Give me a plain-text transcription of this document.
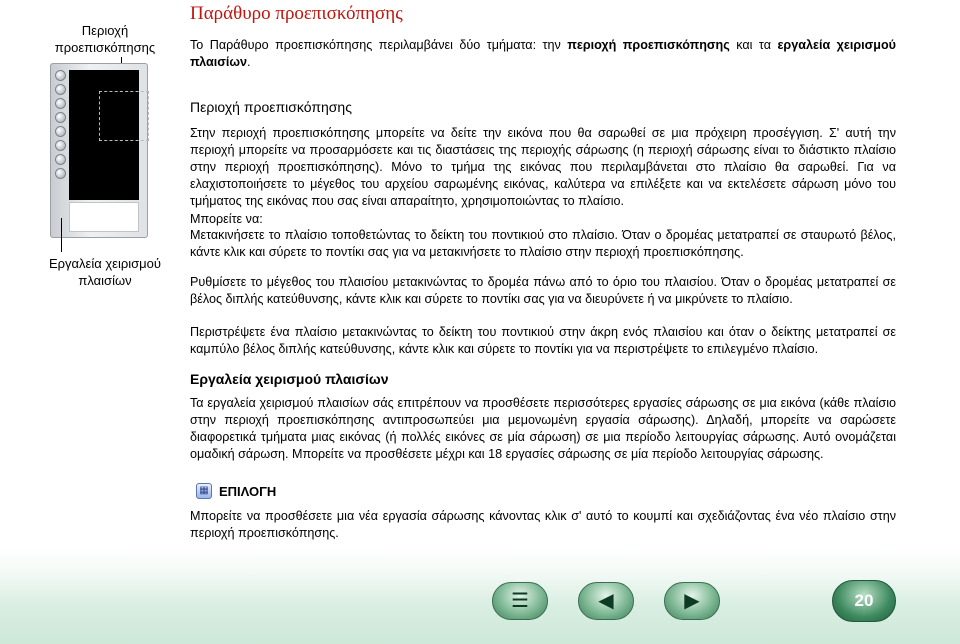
Περιοχή προεπισκόπησης
Εργαλεία χειρισμού πλαισίων
Παράθυρο προεπισκόπησης

Το Παράθυρο προεπισκόπησης περιλαμβάνει δύο τμήματα: την περιοχή προεπισκόπησης και τα εργαλεία χειρισμού πλαισίων.

Περιοχή προεπισκόπησης

Στην περιοχή προεπισκόπησης μπορείτε να δείτε την εικόνα που θα σαρωθεί σε μια πρόχειρη προσέγγιση. Σ' αυτή την περιοχή μπορείτε να προσαρμόσετε και τις διαστάσεις της περιοχής σάρωσης (η περιοχή σάρωσης είναι το διάστικτο πλαίσιο στην περιοχή προεπισκόπησης). Μόνο το τμήμα της εικόνας που περιλαμβάνεται στο πλαίσιο θα σαρωθεί. Για να ελαχιστοποιήσετε το μέγεθος του αρχείου σαρωμένης εικόνας, καλύτερα να επιλέξετε και να εκτελέσετε σάρωση μόνο του τμήματος της εικόνας που σας είναι απαραίτητο, χρησιμοποιώντας το πλαίσιο.

Μπορείτε να:

Μετακινήσετε το πλαίσιο τοποθετώντας το δείκτη του ποντικιού στο πλαίσιο. Όταν ο δρομέας μετατραπεί σε σταυρωτό βέλος, κάντε κλικ και σύρετε το ποντίκι σας για να μετακινήσετε το πλαίσιο στην περιοχή προεπισκόπησης.

Ρυθμίσετε το μέγεθος του πλαισίου μετακινώντας το δρομέα πάνω από το όριο του πλαισίου. Όταν ο δρομέας μετατραπεί σε βέλος διπλής κατεύθυνσης, κάντε κλικ και σύρετε το ποντίκι σας για να διευρύνετε ή να μικρύνετε το πλαίσιο.

Περιστρέψετε ένα πλαίσιο μετακινώντας το δείκτη του ποντικιού στην άκρη ενός πλαισίου και όταν ο δείκτης μετατραπεί σε καμπύλο βέλος διπλής κατεύθυνσης, κάντε κλικ και σύρετε το ποντίκι για να περιστρέψετε το επιλεγμένο πλαίσιο.

Εργαλεία χειρισμού πλαισίων

Τα εργαλεία χειρισμού πλαισίων σάς επιτρέπουν να προσθέσετε περισσότερες εργασίες σάρωσης σε μια εικόνα (κάθε πλαίσιο στην περιοχή προεπισκόπησης αντιπροσωπεύει μια μεμονωμένη εργασία σάρωσης). Δηλαδή, μπορείτε να σαρώσετε διαφορετικά τμήματα μιας εικόνας (ή πολλές εικόνες σε μία σάρωση) σε μια περίοδο λειτουργίας σάρωσης. Αυτό ονομάζεται ομαδική σάρωση. Μπορείτε να προσθέσετε μέχρι και 18 εργασίες σάρωσης σε μία περίοδο λειτουργίας σάρωσης.

▦ ΕΠΙΛΟΓΗ

Μπορείτε να προσθέσετε μια νέα εργασία σάρωσης κάνοντας κλικ σ' αυτό το κουμπί και σχεδιάζοντας ένα νέο πλαίσιο στην περιοχή προεπισκόπησης.

☰	◀	▶	20
